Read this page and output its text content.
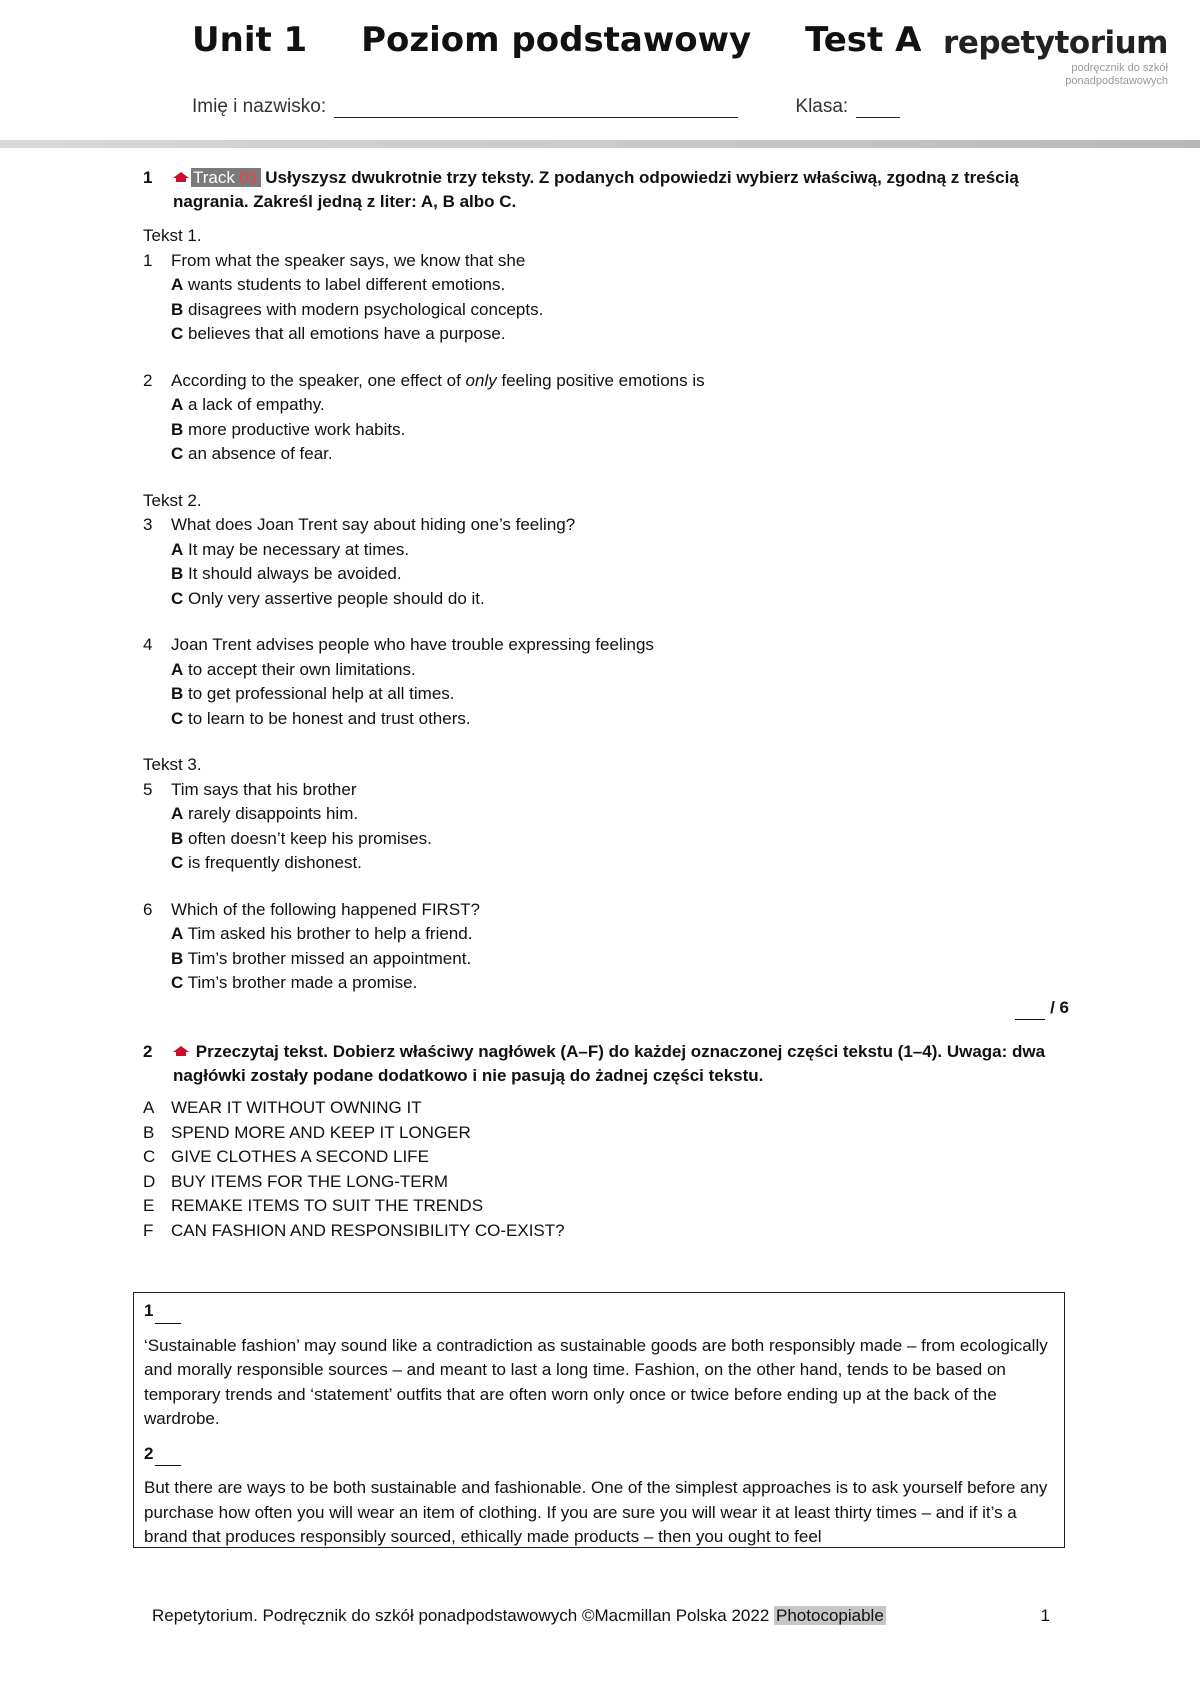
Unit 1 Poziom podstawowy Test A repetytorium
podręcznik do szkół
ponadpodstawowych
Imię i nazwisko:	Klasa:
1 Track 01 Usłyszysz dwukrotnie trzy teksty. Z podanych odpowiedzi wybierz właściwą, zgodną z treścią nagrania. Zakreśl jedną z liter: A, B albo C.
Tekst 1.
1 From what the speaker says, we know that she
A wants students to label different emotions.
B disagrees with modern psychological concepts.
C believes that all emotions have a purpose.
2 According to the speaker, one effect of only feeling positive emotions is
A a lack of empathy.
B more productive work habits.
C an absence of fear.
Tekst 2.
3 What does Joan Trent say about hiding one’s feeling?
A It may be necessary at times.
B It should always be avoided.
C Only very assertive people should do it.
4 Joan Trent advises people who have trouble expressing feelings
A to accept their own limitations.
B to get professional help at all times.
C to learn to be honest and trust others.
Tekst 3.
5 Tim says that his brother
A rarely disappoints him.
B often doesn’t keep his promises.
C is frequently dishonest.
6 Which of the following happened FIRST?
A Tim asked his brother to help a friend.
B Tim’s brother missed an appointment.
C Tim’s brother made a promise.
/ 6
2	Przeczytaj tekst. Dobierz właściwy nagłówek (A–F) do każdej oznaczonej części tekstu (1–4). Uwaga: dwa nagłówki zostały podane dodatkowo i nie pasują do żadnej części tekstu.
A WEAR IT WITHOUT OWNING IT
B SPEND MORE AND KEEP IT LONGER
C GIVE CLOTHES A SECOND LIFE
D BUY ITEMS FOR THE LONG-TERM
E REMAKE ITEMS TO SUIT THE TRENDS
F CAN FASHION AND RESPONSIBILITY CO-EXIST?
1

‘Sustainable fashion’ may sound like a contradiction as sustainable goods are both responsibly made – from ecologically and morally responsible sources – and meant to last a long time. Fashion, on the other hand, tends to be based on temporary trends and ‘statement’ outfits that are often worn only once or twice before ending up at the back of the wardrobe.

2

But there are ways to be both sustainable and fashionable. One of the simplest approaches is to ask yourself before any purchase how often you will wear an item of clothing. If you are sure you will wear it at least thirty times – and if it’s a brand that produces responsibly sourced, ethically made products – then you ought to feel

Repetytorium. Podręcznik do szkół ponadpodstawowych ©Macmillan Polska 2022 Photocopiable	1
